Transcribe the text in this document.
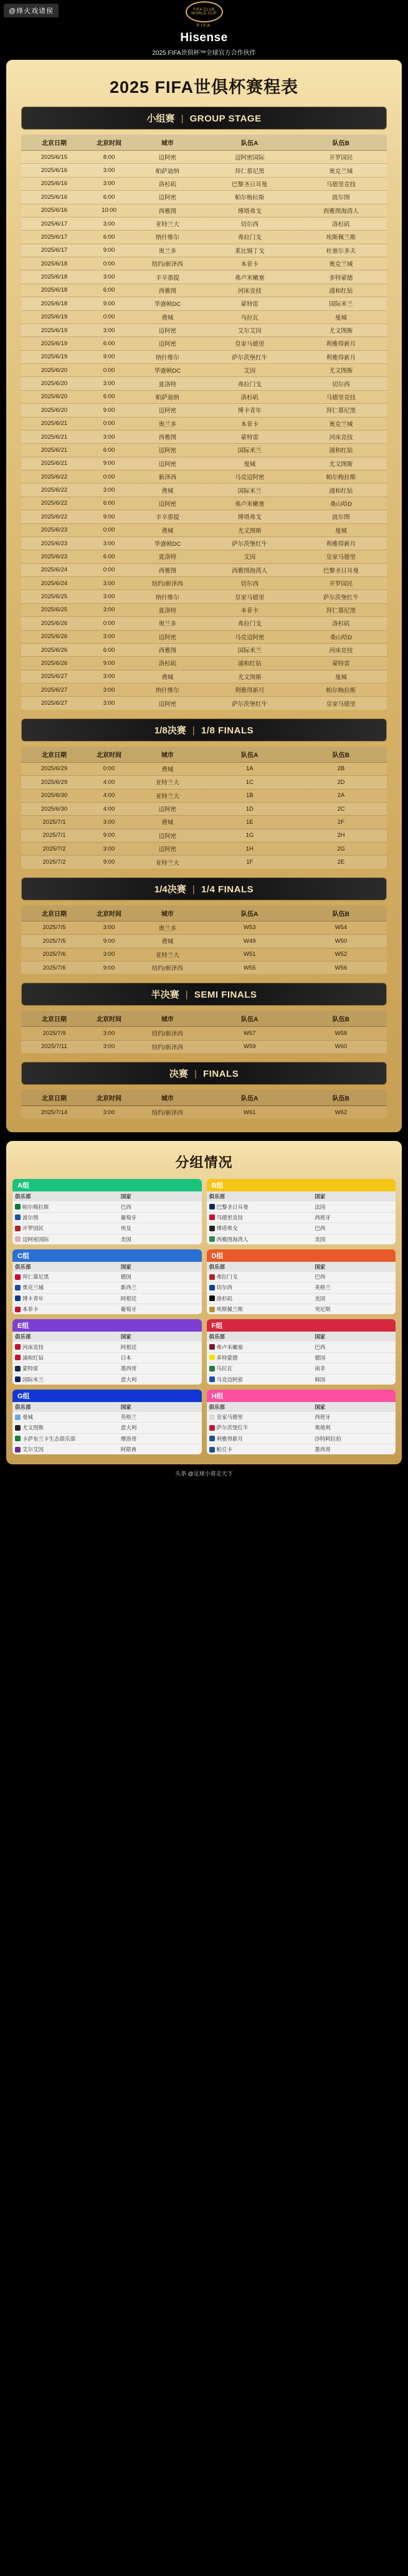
@烽火戏诸侯	FIFA CLUB WORLD CUP
FIFA
Hisense
2025 FIFA世俱杯™全球官方合作伙伴
2025 FIFA世俱杯赛程表
小组赛 | GROUP STAGE
北京日期	北京时间	城市	队伍A	队伍B
2025/6/15	8:00	迈阿密	迈阿密国际	开罗国民
2025/6/16	3:00	帕萨迪纳	拜仁慕尼黑	奥克兰城
2025/6/16	3:00	洛杉矶	巴黎圣日耳曼	马德里竞技
2025/6/16	6:00	迈阿密	帕尔梅拉斯	波尔图
2025/6/16	10:00	西雅图	博塔弗戈	西雅图海湾人
2025/6/17	3:00	亚特兰大	切尔西	洛杉矶
2025/6/17	6:00	纳什维尔	弗拉门戈	埃斯佩兰斯
2025/6/17	9:00	奥兰多	莱比锡丁戈	杜塞尔多夫
2025/6/18	0:00	纽约/新泽西	本菲卡	奥克兰城
2025/6/18	3:00	辛辛那提	弗卢米嫩塞	多特蒙德
2025/6/18	6:00	西雅图	河床竞技	浦和红钻
2025/6/18	9:00	华盛顿DC	蒙特雷	国际米兰
2025/6/19	0:00	费城	乌拉瓦	曼城
2025/6/19	3:00	迈阿密	艾尔艾因	尤文图斯
2025/6/19	6:00	迈阿密	皇家马德里	利雅得新月
2025/6/19	9:00	纳什维尔	萨尔茨堡红牛	利雅得新月
2025/6/20	0:00	华盛顿DC	艾因	尤文图斯
2025/6/20	3:00	夏洛特	弗拉门戈	切尔西
2025/6/20	6:00	帕萨迪纳	洛杉矶	马德里竞技
2025/6/20	9:00	迈阿密	博卡青年	拜仁慕尼黑
2025/6/21	0:00	奥兰多	本菲卡	奥克兰城
2025/6/21	3:00	西雅图	蒙特雷	河床竞技
2025/6/21	6:00	迈阿密	国际米兰	浦和红钻
2025/6/21	9:00	迈阿密	曼城	尤文图斯
2025/6/22	0:00	新泽西	马竞迈阿密	帕尔梅拉斯
2025/6/22	3:00	费城	国际米兰	浦和红钻
2025/6/22	6:00	迈阿密	弗卢米嫩塞	桑山哈D
2025/6/22	9:00	辛辛那提	博塔弗戈	波尔图
2025/6/23	0:00	费城	尤文图斯	曼城
2025/6/23	3:00	华盛顿DC	萨尔茨堡红牛	利雅得新月
2025/6/23	6:00	夏洛特	艾因	皇家马德里
2025/6/24	0:00	西雅图	西雅图海湾人	巴黎圣日耳曼
2025/6/24	3:00	纽约/新泽西	切尔西	开罗国民
2025/6/25	3:00	纳什维尔	皇家马德里	萨尔茨堡红牛
2025/6/25	3:00	夏洛特	本菲卡	拜仁慕尼黑
2025/6/26	0:00	奥兰多	弗拉门戈	洛杉矶
2025/6/26	3:00	迈阿密	马竞迈阿密	桑山哈D
2025/6/26	6:00	西雅图	国际米兰	河床竞技
2025/6/26	9:00	洛杉矶	浦和红钻	蒙特雷
2025/6/27	3:00	费城	尤文图斯	曼城
2025/6/27	3:00	纳什维尔	利雅得新月	帕尔梅拉斯
2025/6/27	3:00	迈阿密	萨尔茨堡红牛	皇家马德里
1/8决赛 | 1/8 FINALS
北京日期	北京时间	城市	队伍A	队伍B
2025/6/29	0:00	费城	1A	2B
2025/6/29	4:00	亚特兰大	1C	2D
2025/6/30	4:00	亚特兰大	1B	2A
2025/6/30	4:00	迈阿密	1D	2C
2025/7/1	3:00	费城	1E	2F
2025/7/1	9:00	迈阿密	1G	2H
2025/7/2	3:00	迈阿密	1H	2G
2025/7/2	9:00	亚特兰大	1F	2E
1/4决赛 | 1/4 FINALS
北京日期	北京时间	城市	队伍A	队伍B
2025/7/5	3:00	奥兰多	W53	W54
2025/7/5	9:00	费城	W49	W50
2025/7/6	3:00	亚特兰大	W51	W52
2025/7/6	9:00	纽约/新泽西	W55	W56
半决赛 | SEMI FINALS
北京日期	北京时间	城市	队伍A	队伍B
2025/7/9	3:00	纽约/新泽西	W57	W58
2025/7/11	3:00	纽约/新泽西	W59	W60
决赛 | FINALS
北京日期	北京时间	城市	队伍A	队伍B
2025/7/14	3:00	纽约/新泽西	W61	W62
分组情况
A组
俱乐部	国家
帕尔梅拉斯	巴西
波尔图	葡萄牙
开罗国民	埃及
迈阿密国际	美国
B组
俱乐部	国家
巴黎圣日耳曼	法国
马德里竞技	西班牙
博塔弗戈	巴西
西雅图海湾人	美国
C组
俱乐部	国家
拜仁慕尼黑	德国
奥克兰城	新西兰
博卡青年	阿根廷
本菲卡	葡萄牙
D组
俱乐部	国家
弗拉门戈	巴西
切尔西	英格兰
洛杉矶	美国
埃斯佩兰斯	突尼斯
E组
俱乐部	国家
河床竞技	阿根廷
浦和红钻	日本
蒙特雷	墨西哥
国际米兰	意大利
F组
俱乐部	国家
弗卢米嫩塞	巴西
多特蒙德	德国
乌拉瓦	南非
马竞迈阿密	韩国
G组
俱乐部	国家
曼城	英格兰
尤文图斯	意大利
卡萨布兰卡生态俱乐部	摩洛哥
艾尔艾因	阿联酋
H组
俱乐部	国家
皇家马德里	西班牙
萨尔茨堡红牛	奥地利
利雅得新月	沙特阿拉伯
帕丘卡	墨西哥
头条 @足球小将走天下
